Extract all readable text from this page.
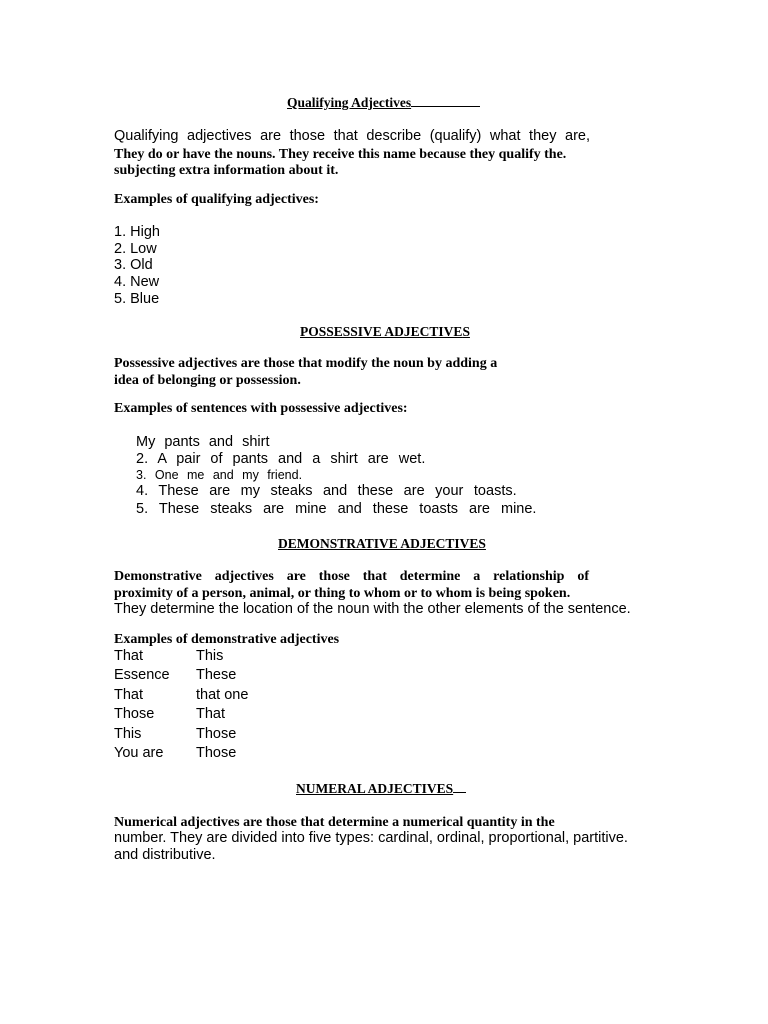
Qualifying Adjectives
Qualifying adjectives are those that describe (qualify) what they are,
They do or have the nouns. They receive this name because they qualify the.
subjecting extra information about it.
Examples of qualifying adjectives:
1. High
2. Low
3. Old
4. New
5. Blue
POSSESSIVE ADJECTIVES
Possessive adjectives are those that modify the noun by adding a
idea of belonging or possession.
Examples of sentences with possessive adjectives:
My pants and shirt
2. A pair of pants and a shirt are wet.
3. One me and my friend.
4. These are my steaks and these are your toasts.
5. These steaks are mine and these toasts are mine.
DEMONSTRATIVE ADJECTIVES
Demonstrative adjectives are those that determine a relationship of
proximity of a person, animal, or thing to whom or to whom is being spoken.
They determine the location of the noun with the other elements of the sentence.
Examples of demonstrative adjectives
That
Essence
That
Those
This
You are
This
These
that one
That
Those
Those
NUMERAL ADJECTIVES
Numerical adjectives are those that determine a numerical quantity in the
number. They are divided into five types: cardinal, ordinal, proportional, partitive.
and distributive.
